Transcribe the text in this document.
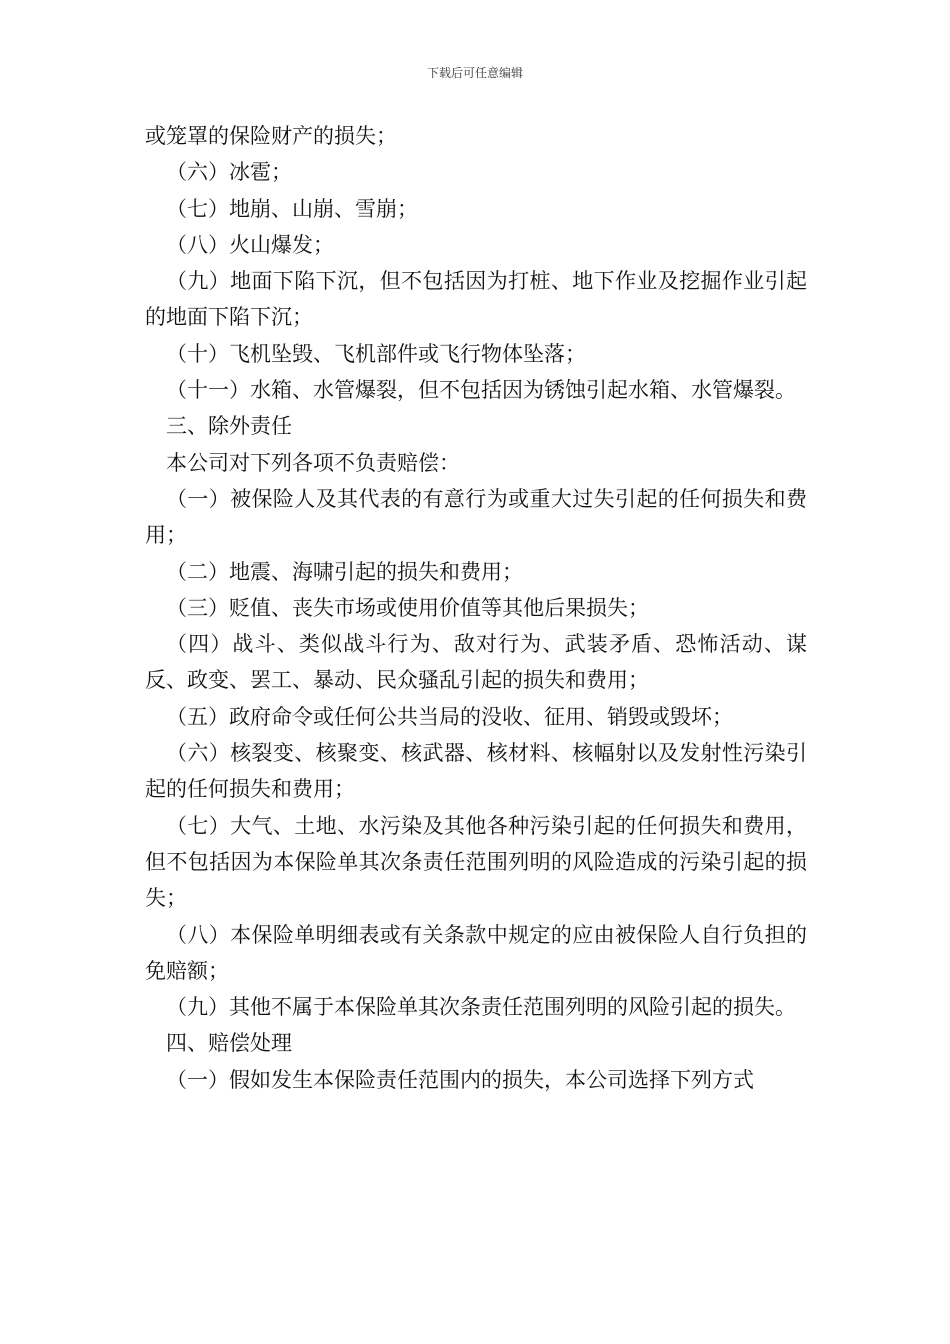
下载后可任意编辑

或笼罩的保险财产的损失；

（六）冰雹；

（七）地崩、山崩、雪崩；

（八）火山爆发；

（九）地面下陷下沉，但不包括因为打桩、地下作业及挖掘作业引起的地面下陷下沉；

（十）飞机坠毁、飞机部件或飞行物体坠落；

（十一）水箱、水管爆裂，但不包括因为锈蚀引起水箱、水管爆裂。

三、除外责任

本公司对下列各项不负责赔偿：

（一）被保险人及其代表的有意行为或重大过失引起的任何损失和费用；

（二）地震、海啸引起的损失和费用；

（三）贬值、丧失市场或使用价值等其他后果损失；

（四）战斗、类似战斗行为、敌对行为、武装矛盾、恐怖活动、谋反、政变、罢工、暴动、民众骚乱引起的损失和费用；

（五）政府命令或任何公共当局的没收、征用、销毁或毁坏；

（六）核裂变、核聚变、核武器、核材料、核幅射以及发射性污染引起的任何损失和费用；

（七）大气、土地、水污染及其他各种污染引起的任何损失和费用，但不包括因为本保险单其次条责任范围列明的风险造成的污染引起的损失；

（八）本保险单明细表或有关条款中规定的应由被保险人自行负担的免赔额；

（九）其他不属于本保险单其次条责任范围列明的风险引起的损失。

四、赔偿处理

（一）假如发生本保险责任范围内的损失，本公司选择下列方式
